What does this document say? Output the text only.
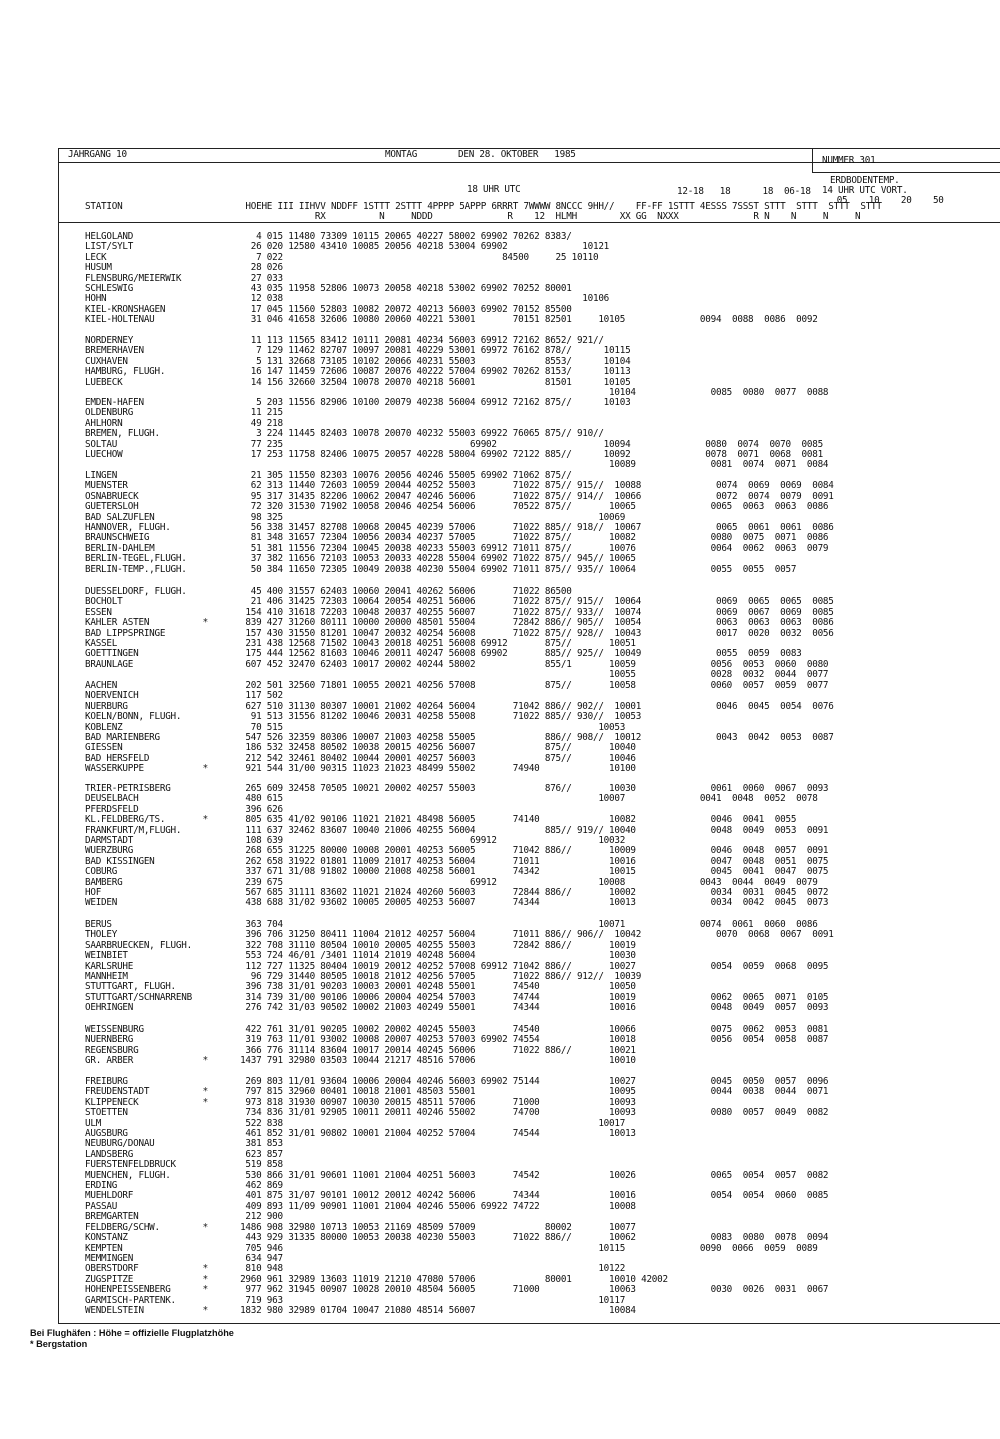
JAHRGANG 10	MONTAG	DEN 28. OKTOBER   1985
NUMMER 301
18 UHR UTC	12-18   18      18  06-18
ERDBODENTEMP.
14 UHR UTC VORT.
05    10    20    50
STATION                       HOEHE III IIHVV NDDFF 1STTT 2STTT 4PPPP 5APPP 6RRRT 7WWWW 8NCCC 9HH//    FF-FF 1STTT 4ESSS 7SSST STTT  STTT  STTT  STTT
RX          N     NDDD              R    12  HLMH        XX GG  NXXX              R N    N     N     N
HELGOLAND                       4 015 11480 73309 10115 20065 40227 58002 69902 70262 8383/
LIST/SYLT                      26 020 12580 43410 10085 20056 40218 53004 69902              10121
LECK                            7 022                                         84500     25 10110
HUSUM                          28 026
FLENSBURG/MEIERWIK             27 033
SCHLESWIG                      43 035 11958 52806 10073 20058 40218 53002 69902 70252 80001
HOHN                           12 038                                                        10106
KIEL-KRONSHAGEN                17 045 11560 52803 10082 20072 40213 56003 69902 70152 85500
KIEL-HOLTENAU                  31 046 41658 32606 10080 20060 40221 53001       70151 82501     10105              0094  0088  0086  0092
NORDERNEY                      11 113 11565 83412 10111 20081 40234 56003 69912 72162 8652/ 921//
BREMERHAVEN                     7 129 11462 82707 10097 20081 40229 53001 69972 76162 878//      10115
CUXHAVEN                        5 131 32668 73105 10102 20066 40231 55003             8553/      10104
HAMBURG, FLUGH.                16 147 11459 72606 10087 20076 40222 57004 69902 70262 8153/      10113
LUEBECK                        14 156 32660 32504 10078 20070 40218 56001             81501      10105
10104              0085  0080  0077  0088
EMDEN-HAFEN                     5 203 11556 82906 10100 20079 40238 56004 69912 72162 875//      10103
OLDENBURG                      11 215
AHLHORN                        49 218
BREMEN, FLUGH.                  3 224 11445 82403 10078 20070 40232 55003 69922 76065 875// 910//
SOLTAU                         77 235                                   69902                    10094              0080  0074  0070  0085
LUECHOW                        17 253 11758 82406 10075 20057 40228 58004 69902 72122 885//      10092              0078  0071  0068  0081
10089              0081  0074  0071  0084
LINGEN                         21 305 11550 82303 10076 20056 40246 55005 69902 71062 875//
MUENSTER                       62 313 11440 72603 10059 20044 40252 55003       71022 875// 915//  10088              0074  0069  0069  0084
OSNABRUECK                     95 317 31435 82206 10062 20047 40246 56006       71022 875// 914//  10066              0072  0074  0079  0091
GUETERSLOH                     72 320 31530 71902 10058 20046 40254 56006       70522 875//       10065              0065  0063  0063  0086
BAD SALZUFLEN                  98 325                                                           10069
HANNOVER, FLUGH.               56 338 31457 82708 10068 20045 40239 57006       71022 885// 918//  10067              0065  0061  0061  0086
BRAUNSCHWEIG                   81 348 31657 72304 10056 20034 40237 57005       71022 875//       10082              0080  0075  0071  0086
BERLIN-DAHLEM                  51 381 11556 72304 10045 20038 40233 55003 69912 71011 875//       10076              0064  0062  0063  0079
BERLIN-TEGEL,FLUGH.            37 382 11656 72103 10053 20033 40228 55004 69902 71022 875// 945// 10065
BERLIN-TEMP.,FLUGH.            50 384 11650 72305 10049 20038 40230 55004 69902 71011 875// 935// 10064              0055  0055  0057
DUESSELDORF, FLUGH.            45 400 31557 62403 10060 20041 40262 56006       71022 86500
BOCHOLT                        21 406 31425 72303 10064 20054 40251 56006       71022 875// 915//  10064              0069  0065  0065  0085
ESSEN                         154 410 31618 72203 10048 20037 40255 56007       71022 875// 933//  10074              0069  0067  0069  0085
KAHLER ASTEN          *       839 427 31260 80111 10000 20000 48501 55004       72842 886// 905//  10054              0063  0063  0063  0086
BAD LIPPSPRINGE               157 430 31550 81201 10047 20032 40254 56008       71022 875// 928//  10043              0017  0020  0032  0056
KASSEL                        231 438 12568 71502 10043 20018 40251 56008 69912       875//       10051
GOETTINGEN                    175 444 12562 81603 10046 20011 40247 56008 69902       885// 925//  10049              0055  0059  0083
BRAUNLAGE                     607 452 32470 62403 10017 20002 40244 58002             855/1       10059              0056  0053  0060  0080
10055              0028  0032  0044  0077
AACHEN                        202 501 32560 71801 10055 20021 40256 57008             875//       10058              0060  0057  0059  0077
NOERVENICH                    117 502
NUERBURG                      627 510 31130 80307 10001 21002 40264 56004       71042 886// 902//  10001              0046  0045  0054  0076
KOELN/BONN, FLUGH.             91 513 31556 81202 10046 20031 40258 55008       71022 885// 930//  10053
KOBLENZ                        70 515                                                           10053
BAD MARIENBERG                547 526 32359 80306 10007 21003 40258 55005             886// 908//  10012              0043  0042  0053  0087
GIESSEN                       186 532 32458 80502 10038 20015 40256 56007             875//       10040
BAD HERSFELD                  212 542 32461 80402 10044 20001 40257 56003             875//       10046
WASSERKUPPE           *       921 544 31/00 90315 11023 21023 48499 55002       74940             10100
TRIER-PETRISBERG              265 609 32458 70505 10021 20002 40257 55003             876//       10030              0061  0060  0067  0093
DEUSELBACH                    480 615                                                           10007              0041  0048  0052  0078
PFERDSFELD                    396 626
KL.FELDBERG/TS.       *       805 635 41/02 90106 11021 21021 48498 56005       74140             10082              0046  0041  0055
FRANKFURT/M,FLUGH.            111 637 32462 83607 10040 21006 40255 56004             885// 919// 10040              0048  0049  0053  0091
DARMSTADT                     108 639                                   69912                   10032
WUERZBURG                     268 655 31225 80000 10008 20001 40253 56005       71042 886//       10009              0046  0048  0057  0091
BAD KISSINGEN                 262 658 31922 01801 11009 21017 40253 56004       71011             10016              0047  0048  0051  0075
COBURG                        337 671 31/08 91802 10000 21008 40258 56001       74342             10015              0045  0041  0047  0075
BAMBERG                       239 675                                   69912                   10008              0043  0044  0049  0079
HOF                           567 685 31111 83602 11021 21024 40260 56003       72844 886//       10002              0034  0031  0045  0072
WEIDEN                        438 688 31/02 93602 10005 20005 40253 56007       74344             10013              0034  0042  0045  0073
BERUS                         363 704                                                           10071              0074  0061  0060  0086
THOLEY                        396 706 31250 80411 11004 21012 40257 56004       71011 886// 906//  10042              0070  0068  0067  0091
SAARBRUECKEN, FLUGH.          322 708 31110 80504 10010 20005 40255 55003       72842 886//       10019
WEINBIET                      553 724 46/01 /3401 11014 21019 40248 56004                         10030
KARLSRUHE                     112 727 11325 80404 10019 20012 40252 57008 69912 71042 886//       10027              0054  0059  0068  0095
MANNHEIM                       96 729 31440 80505 10018 21012 40256 57005       71022 886// 912//  10039
STUTTGART, FLUGH.             396 738 31/01 90203 10003 20001 40248 55001       74540             10050
STUTTGART/SCHNARRENB          314 739 31/00 90106 10006 20004 40254 57003       74744             10019              0062  0065  0071  0105
OEHRINGEN                     276 742 31/03 90502 10002 21003 40249 55001       74344             10016              0048  0049  0057  0093
WEISSENBURG                   422 761 31/01 90205 10002 20002 40245 55003       74540             10066              0075  0062  0053  0081
NUERNBERG                     319 763 11/01 93002 10008 20007 40253 57003 69902 74554             10018              0056  0054  0058  0087
REGENSBURG                    366 776 31114 83604 10017 20014 40245 56006       71022 886//       10021
GR. ARBER             *      1437 791 32980 03503 10044 21217 48516 57006                         10010
FREIBURG                      269 803 11/01 93604 10006 20004 40246 56003 69902 75144             10027              0045  0050  0057  0096
FREUDENSTADT          *       797 815 32960 00401 10018 21001 48503 55001                         10095              0044  0038  0044  0071
KLIPPENECK            *       973 818 31930 00907 10030 20015 48511 57006       71000             10093
STOETTEN                      734 836 31/01 92905 10011 20011 40246 55002       74700             10093              0080  0057  0049  0082
ULM                           522 838                                                           10017
AUGSBURG                      461 852 31/01 90802 10001 21004 40252 57004       74544             10013
NEUBURG/DONAU                 381 853
LANDSBERG                     623 857
FUERSTENFELDBRUCK             519 858
MUENCHEN, FLUGH.              530 866 31/01 90601 11001 21004 40251 56003       74542             10026              0065  0054  0057  0082
ERDING                        462 869
MUEHLDORF                     401 875 31/07 90101 10012 20012 40242 56006       74344             10016              0054  0054  0060  0085
PASSAU                        409 893 11/09 90901 11001 21004 40246 55006 69922 74722             10008
BREMGARTEN                    212 900
FELDBERG/SCHW.        *      1486 908 32980 10713 10053 21169 48509 57009             80002       10077
KONSTANZ                      443 929 31335 80000 10053 20038 40230 55003       71022 886//       10062              0083  0080  0078  0094
KEMPTEN                       705 946                                                           10115              0090  0066  0059  0089
MEMMINGEN                     634 947
OBERSTDORF            *       810 948                                                           10122
ZUGSPITZE             *      2960 961 32989 13603 11019 21210 47080 57006             80001       10010 42002
HOHENPEISSENBERG      *       977 962 31945 00907 10028 20010 48504 56005       71000             10063              0030  0026  0031  0067
GARMISCH-PARTENK.             719 963                                                           10117
WENDELSTEIN           *      1832 980 32989 01704 10047 21080 48514 56007                         10084
Bei Flughäfen : Höhe = offizielle Flugplatzhöhe
* Bergstation
